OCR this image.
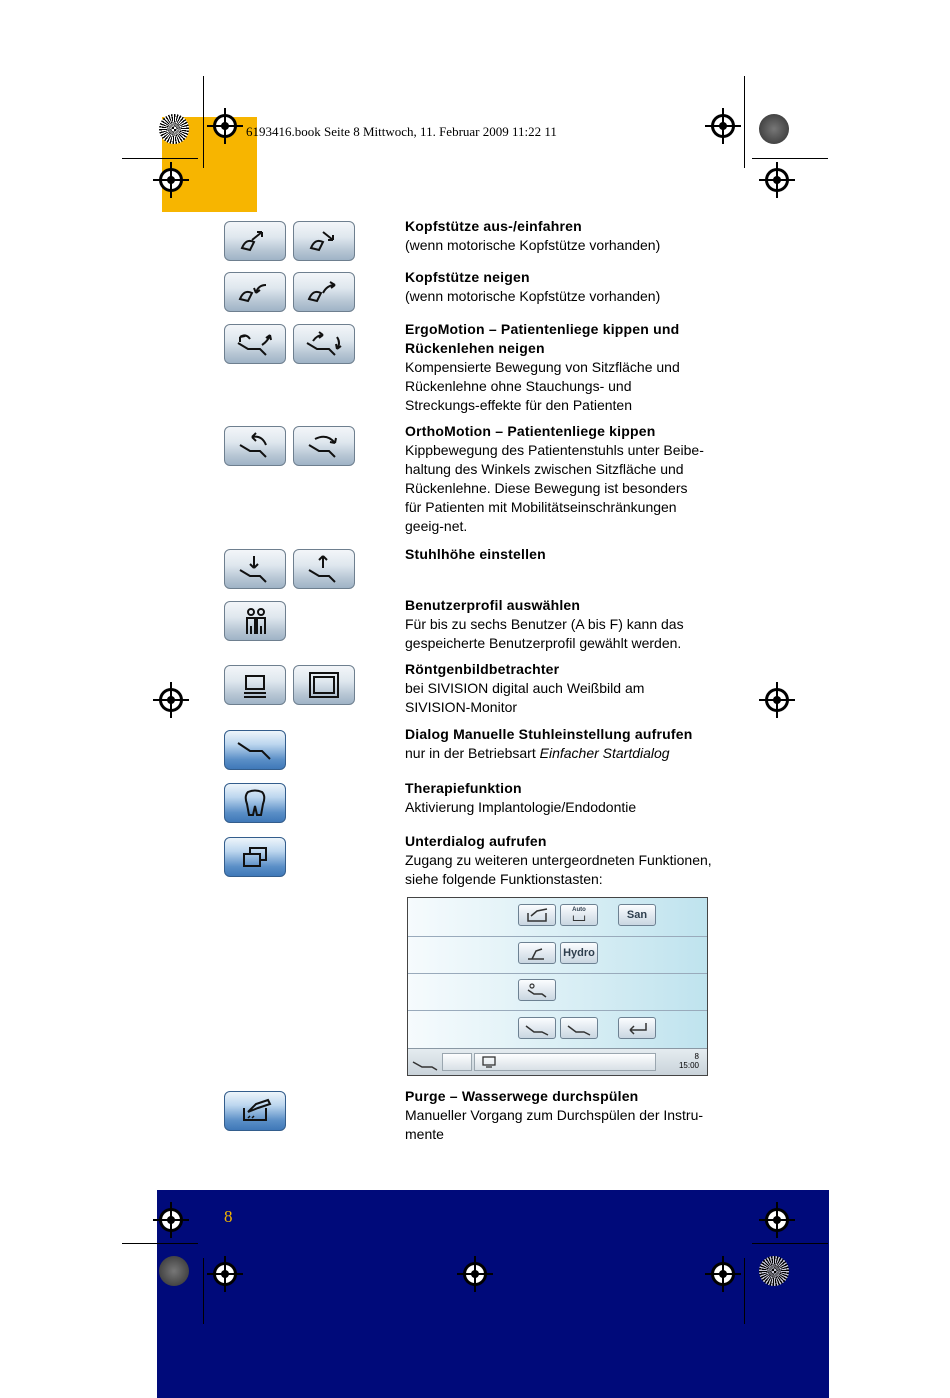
6193416.book Seite 8 Mittwoch, 11. Februar 2009 11:22 11
8
Kopfstütze aus-/einfahren
(wenn motorische Kopfstütze vorhanden)
Kopfstütze neigen
(wenn motorische Kopfstütze vorhanden)
ErgoMotion – Patientenliege kippen und Rückenlehen neigen
Kompensierte Bewegung von Sitzfläche und Rückenlehne ohne Stauchungs- und Streckungs-effekte für den Patienten
OrthoMotion – Patientenliege kippen
Kippbewegung des Patientenstuhls unter Beibe-haltung des Winkels zwischen Sitzfläche und Rückenlehne. Diese Bewegung ist besonders für Patienten mit Mobilitätseinschränkungen geeig-net.
Stuhlhöhe einstellen
Benutzerprofil auswählen
Für bis zu sechs Benutzer (A bis F) kann das gespeicherte Benutzerprofil gewählt werden.
Röntgenbildbetrachter
bei SIVISION digital auch Weißbild am SIVISION-Monitor
Dialog Manuelle Stuhleinstellung aufrufen
nur in der Betriebsart Einfacher Startdialog
Therapiefunktion
Aktivierung Implantologie/Endodontie
Unterdialog aufrufen
Zugang zu weiteren untergeordneten Funktionen, siehe folgende Funktionstasten:
Purge – Wasserwege durchspülen
Manueller Vorgang zum Durchspülen der Instru-mente
Auto	San
Hydro
8
15:00
